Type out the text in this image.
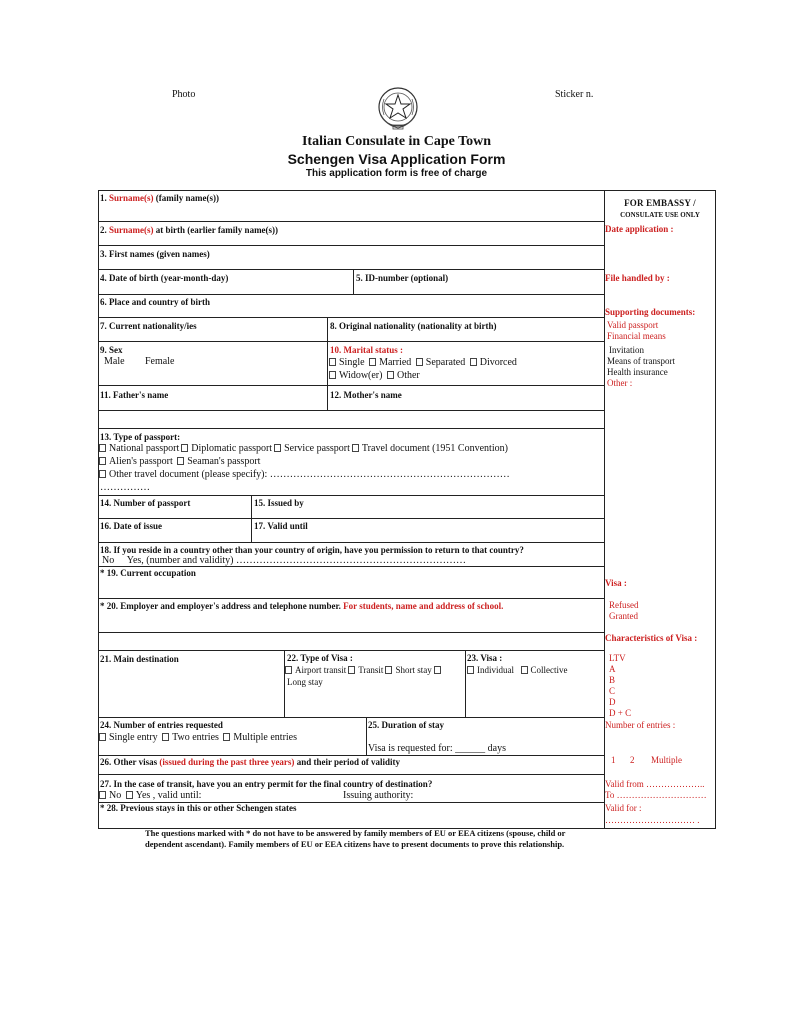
Photo	Sticker n.
Italian Consulate in Cape Town
Schengen Visa Application Form
This application form is free of charge
1. Surname(s) (family name(s))
2. Surname(s) at birth (earlier family name(s))
3. First names (given names)
4. Date of birth (year-month-day)	5. ID-number (optional)
6. Place and country of birth
7. Current nationality/ies	8. Original nationality (nationality at birth)
9. Sex
Male Female
10. Marital status :
Single Married Separated Divorced
Widow(er) Other
11. Father's name	12. Mother's name
13. Type of passport:
National passport Diplomatic passport Service passport Travel document (1951 Convention)
Alien's passport Seaman's passport
Other travel document (please specify): ………………………………………………………………
……………
14. Number of passport	15. Issued by
16. Date of issue	17. Valid until
18. If you reside in a country other than your country of origin, have you permission to return to that country?
No Yes, (number and validity) ……………………………………………………………
* 19. Current occupation
* 20. Employer and employer's address and telephone number. For students, name and address of school.
21. Main destination	22. Type of Visa :
Airport transit Transit Short stay
Long stay
23. Visa :
Individual Collective
24. Number of entries requested
Single entry Two entries Multiple entries
25. Duration of stay
Visa is requested for: ______ days
26. Other visas (issued during the past three years) and their period of validity
27. In the case of transit, have you an entry permit for the final country of destination?
No Yes , valid until:	Issuing authority:
* 28. Previous stays in this or other Schengen states
FOR EMBASSY /
CONSULATE USE ONLY
Date application :
File handled by :
Supporting documents:
Valid passport
Financial means
Invitation
Means of transport
Health insurance
Other :
Visa :
Refused
Granted
Characteristics of Visa :
LTV
A
B
C
D
D + C
Number of entries :
1 2 Multiple
Valid from ………………..
To …………………………
Valid for :
………………………… .
The questions marked with * do not have to be answered by family members of EU or EEA citizens (spouse, child or
dependent ascendant). Family members of EU or EEA citizens have to present documents to prove this relationship.
